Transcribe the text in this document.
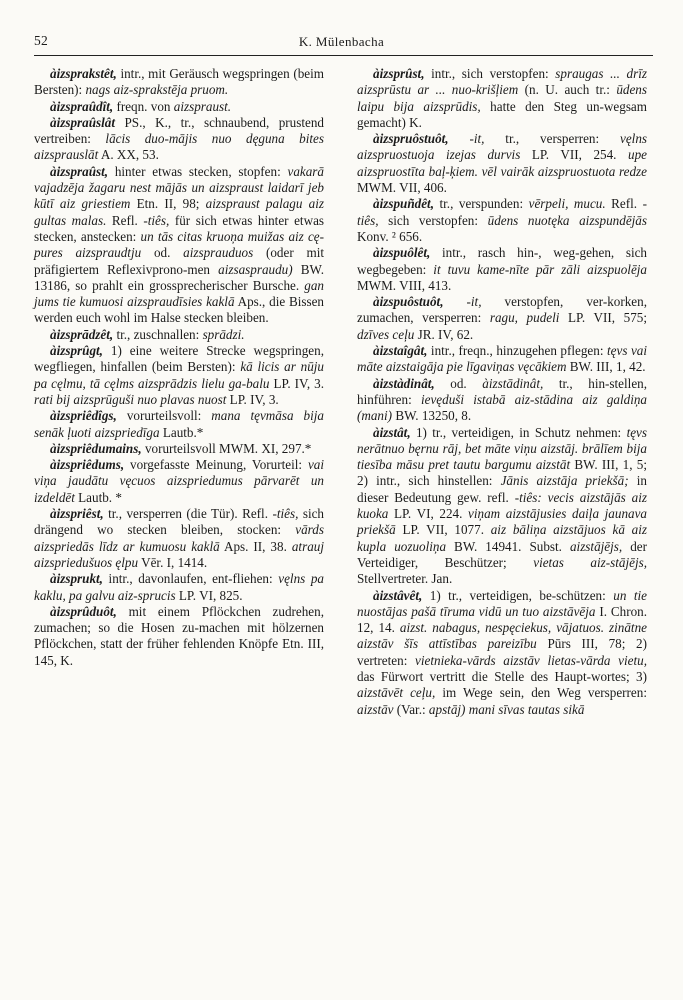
52	K. Mülenbacha

àizsprakstêt, intr., mit Geräusch wegspringen (beim Bersten): nags aiz-sprakstēja pruom.

àizspraûdît, freqn. von aizspraust.

àizspraûslât PS., K., tr., schnaubend, prustend vertreiben: lācis duo-mājis nuo dęguna bites aizsprauslāt A. XX, 53.

àizspraûst, hinter etwas stecken, stopfen: vakarā vajadzēja žagaru nest mājās un aizspraust laidarī jeb kūtī aiz griestiem Etn. II, 98; aizspraust palagu aiz gultas malas. Refl. -tiês, für sich etwas hinter etwas stecken, anstecken: un tās citas kruoņa muižas aiz cę-pures aizspraudtju od. aizsprauduos (oder mit präfigiertem Reflexivprono-men aizsaspraudu) BW. 13186, so prahlt ein grossprecherischer Bursche. gan jums tie kumuosi aizspraudīsies kaklā Aps., die Bissen werden euch wohl im Halse stecken bleiben.

àizsprādzêt, tr., zuschnallen: sprādzi.

àizsprûgt, 1) eine weitere Strecke wegspringen, wegfliegen, hinfallen (beim Bersten): kā licis ar nūju pa cęlmu, tā cęlms aizsprādzis lielu ga-balu LP. IV, 3. rati bij aizsprūguši nuo plavas nuost LP. IV, 3.

àizspriêdîgs, vorurteilsvoll: mana tęvmāsa bija senāk ļuoti aizspriedīga Lautb.*

àizspriêdumains, vorurteilsvoll MWM. XI, 297.*

àizspriêdums, vorgefasste Meinung, Vorurteil: vai viņa jaudātu vęcuos aizspriedumus pārvarēt un izdeldēt Lautb. *

àizspriêst, tr., versperren (die Tür). Refl. -tiês, sich drängend wo stecken bleiben, stocken: vārds aizspriedās līdz ar kumuosu kaklā Aps. II, 38. atrauj aizspriedušuos ęlpu Vēr. I, 1414.

àizsprukt, intr., davonlaufen, ent-fliehen: vęlns pa kaklu, pa galvu aiz-sprucis LP. VI, 825.

àizsprûduôt, mit einem Pflöckchen zudrehen, zumachen; so die Hosen zu-machen mit hölzernen Pflöckchen, statt der früher fehlenden Knöpfe Etn. III, 145, K.

àizsprûst, intr., sich verstopfen: spraugas ... drīz aizsprūstu ar ... nuo-krišļiem (n. U. auch tr.: ūdens laipu bija aizsprūdis, hatte den Steg un-wegsam gemacht) K.

àizspruôstuôt, -it, tr., versperren: vęlns aizspruostuoja izejas durvis LP. VII, 254. upe aizspruostīta baļ-ķiem. vēl vairāk aizspruostuota redze MWM. VII, 406.

àizspuñdêt, tr., verspunden: vērpeli, mucu. Refl. -tiês, sich verstopfen: ūdens nuotęka aizspundējās Konv. ² 656.

àizspuôlêt, intr., rasch hin-, weg-gehen, sich wegbegeben: it tuvu kame-nīte pār zāli aizspuolēja MWM. VIII, 413.

àizspuôstuôt, -it, verstopfen, ver-korken, zumachen, versperren: ragu, pudeli LP. VII, 575; dzīves ceļu JR. IV, 62.

àizstaîgât, intr., freqn., hinzugehen pflegen: tęvs vai māte aizstaigāja pie līgaviņas vęcākiem BW. III, 1, 42.

àizstàdinât, od. àizstādinât, tr., hin-stellen, hinführen: ievęduši istabā aiz-stādina aiz galdiņa (mani) BW. 13250, 8.

àizstât, 1) tr., verteidigen, in Schutz nehmen: tęvs nerātnuo bęrnu rāj, bet māte viņu aizstāj. brālīem bija tiesība māsu pret tautu bargumu aizstāt BW. III, 1, 5; 2) intr., sich hinstellen: Jānis aizstāja priekšā; in dieser Bedeutung gew. refl. -tiês: vecis aizstājās aiz kuoka LP. VI, 224. viņam aizstājusies daiļa jaunava priekšā LP. VII, 1077. aiz bāliņa aizstājuos kā aiz kupla uozuoliņa BW. 14941. Subst. aizstājējs, der Verteidiger, Beschützer; vietas aiz-stājējs, Stellvertreter. Jan.

àizstâvêt, 1) tr., verteidigen, be-schützen: un tie nuostājas pašā tīruma vidū un tuo aizstāvēja I. Chron. 12, 14. aizst. nabagus, nespęciekus, vājatuos. zinātne aizstāv šīs attīstības pareizību Pūrs III, 78; 2) vertreten: vietnieka-vārds aizstāv lietas-vārda vietu, das Fürwort vertritt die Stelle des Haupt-wortes; 3) aizstāvēt ceļu, im Wege sein, den Weg versperren: aizstāv (Var.: apstāj) mani sīvas tautas sikā
